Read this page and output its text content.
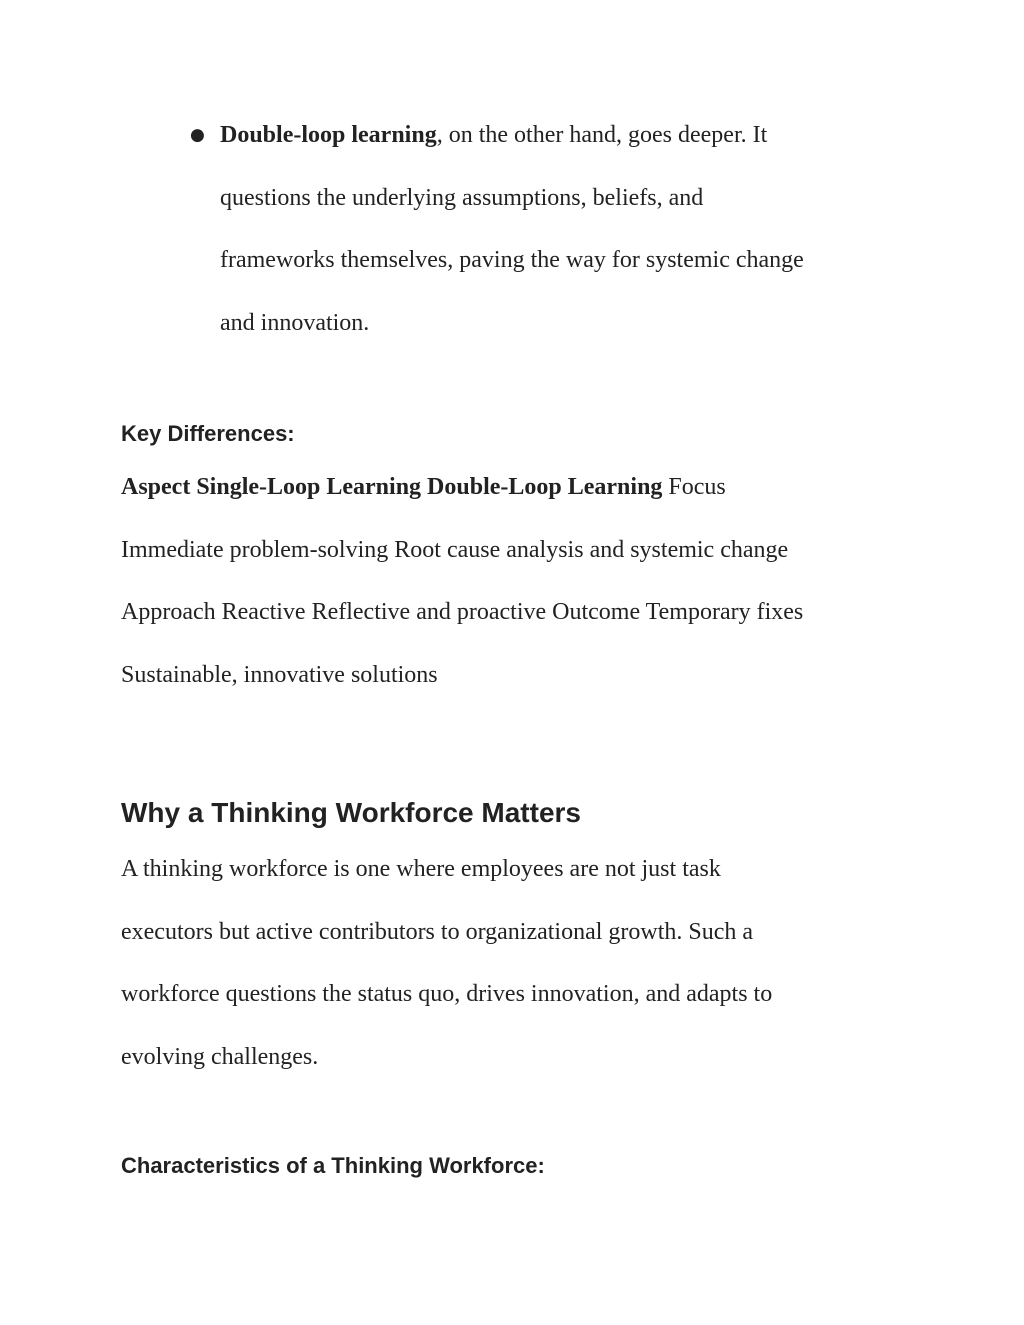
● Double-loop learning, on the other hand, goes deeper. It
questions the underlying assumptions, beliefs, and
frameworks themselves, paving the way for systemic change
and innovation.
Key Differences:
Aspect Single-Loop Learning Double-Loop Learning Focus
Immediate problem-solving Root cause analysis and systemic change
Approach Reactive Reflective and proactive Outcome Temporary fixes
Sustainable, innovative solutions
Why a Thinking Workforce Matters
A thinking workforce is one where employees are not just task
executors but active contributors to organizational growth. Such a
workforce questions the status quo, drives innovation, and adapts to
evolving challenges.
Characteristics of a Thinking Workforce:
